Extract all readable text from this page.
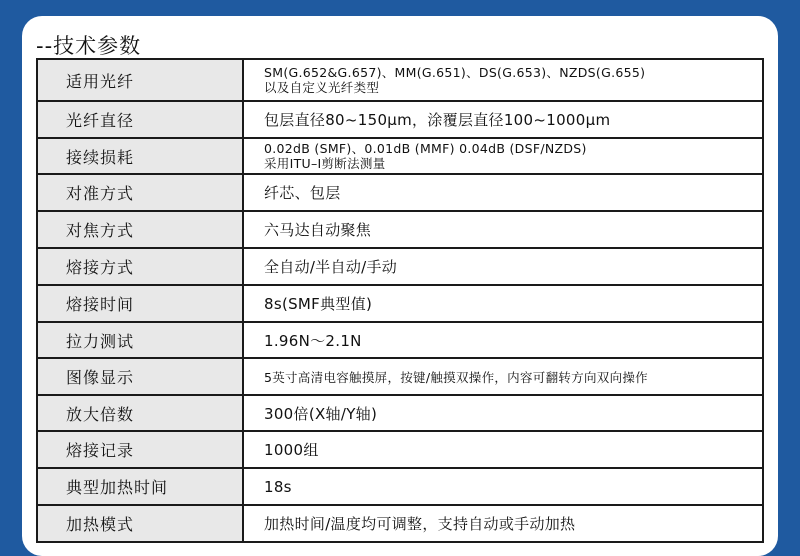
--技术参数
适用光纤	SM(G.652&G.657)、MM(G.651)、DS(G.653)、NZDS(G.655)
以及自定义光纤类型

光纤直径	包层直径80~150μm，涂覆层直径100~1000μm

接续损耗	0.02dB (SMF)、0.01dB (MMF) 0.04dB (DSF/NZDS)
采用ITU–I剪断法测量

对准方式	纤芯、包层

对焦方式	六马达自动聚焦

熔接方式	全自动/半自动/手动

熔接时间	8s(SMF典型值)

拉力测试	1.96N～2.1N

图像显示	5英寸高清电容触摸屏，按键/触摸双操作，内容可翻转方向双向操作

放大倍数	300倍(X轴/Y轴)

熔接记录	1000组

典型加热时间	18s

加热模式	加热时间/温度均可调整，支持自动或手动加热
